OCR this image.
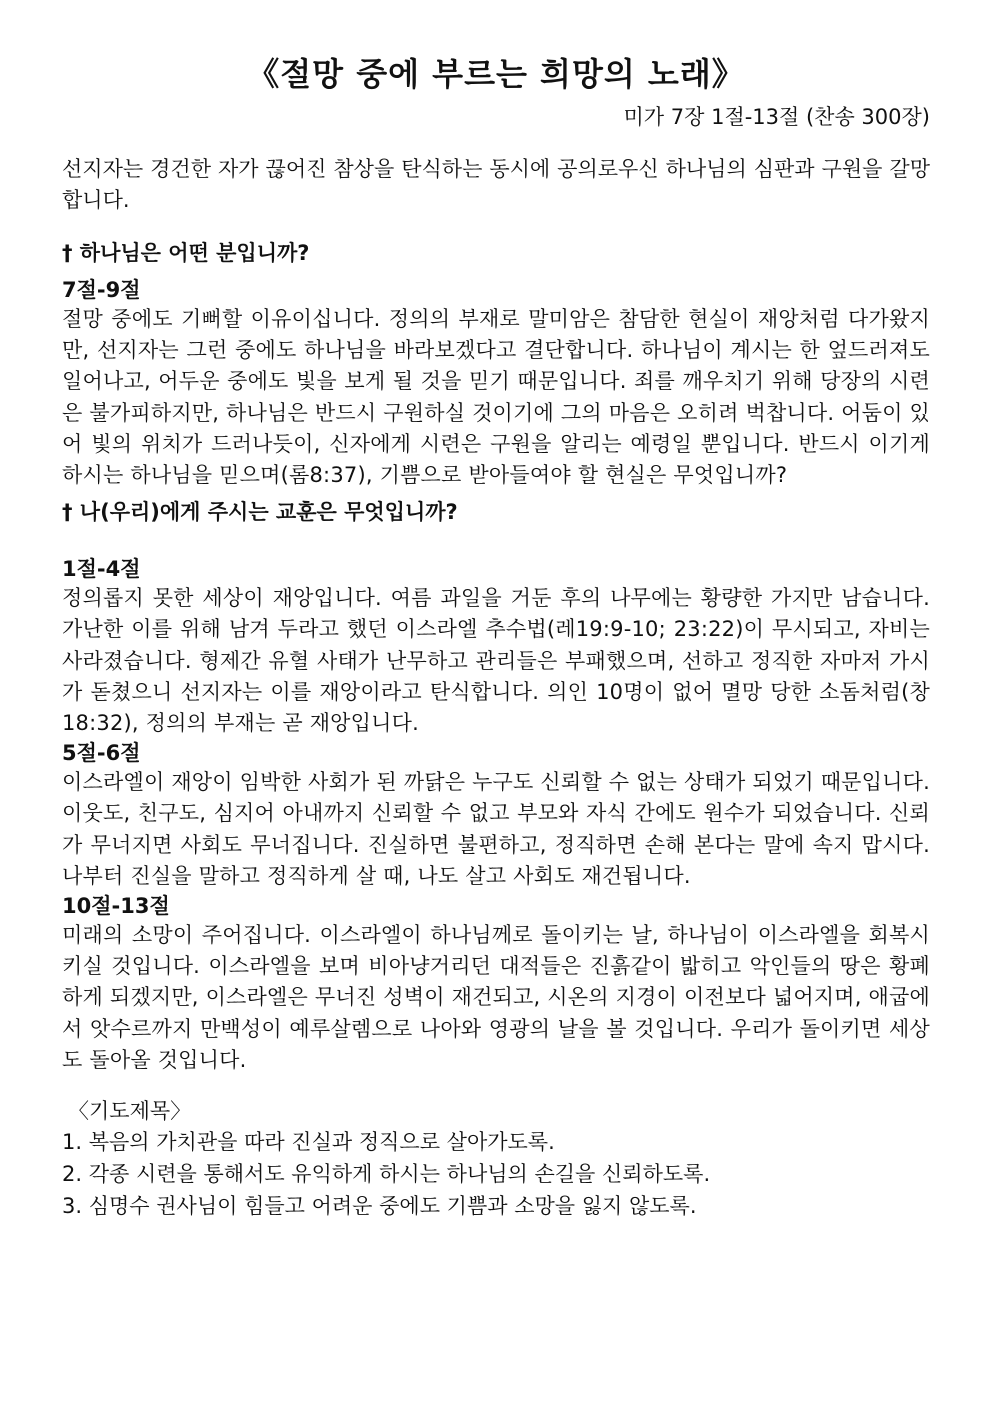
《절망 중에 부르는 희망의 노래》
미가 7장 1절-13절 (찬송 300장)

선지자는 경건한 자가 끊어진 참상을 탄식하는 동시에 공의로우신 하나님의 심판과 구원을 갈망합니다.

† 하나님은 어떤 분입니까?
7절-9절
절망 중에도 기뻐할 이유이십니다. 정의의 부재로 말미암은 참담한 현실이 재앙처럼 다가왔지만, 선지자는 그런 중에도 하나님을 바라보겠다고 결단합니다. 하나님이 계시는 한 엎드러져도 일어나고, 어두운 중에도 빛을 보게 될 것을 믿기 때문입니다. 죄를 깨우치기 위해 당장의 시련은 불가피하지만, 하나님은 반드시 구원하실 것이기에 그의 마음은 오히려 벅찹니다. 어둠이 있어 빛의 위치가 드러나듯이, 신자에게 시련은 구원을 알리는 예령일 뿐입니다. 반드시 이기게 하시는 하나님을 믿으며(롬8:37), 기쁨으로 받아들여야 할 현실은 무엇입니까?
† 나(우리)에게 주시는 교훈은 무엇입니까?
1절-4절
정의롭지 못한 세상이 재앙입니다. 여름 과일을 거둔 후의 나무에는 황량한 가지만 남습니다. 가난한 이를 위해 남겨 두라고 했던 이스라엘 추수법(레19:9-10; 23:22)이 무시되고, 자비는 사라졌습니다. 형제간 유혈 사태가 난무하고 관리들은 부패했으며, 선하고 정직한 자마저 가시가 돋쳤으니 선지자는 이를 재앙이라고 탄식합니다. 의인 10명이 없어 멸망 당한 소돔처럼(창18:32), 정의의 부재는 곧 재앙입니다.
5절-6절
이스라엘이 재앙이 임박한 사회가 된 까닭은 누구도 신뢰할 수 없는 상태가 되었기 때문입니다. 이웃도, 친구도, 심지어 아내까지 신뢰할 수 없고 부모와 자식 간에도 원수가 되었습니다. 신뢰가 무너지면 사회도 무너집니다. 진실하면 불편하고, 정직하면 손해 본다는 말에 속지 맙시다. 나부터 진실을 말하고 정직하게 살 때, 나도 살고 사회도 재건됩니다.
10절-13절
미래의 소망이 주어집니다. 이스라엘이 하나님께로 돌이키는 날, 하나님이 이스라엘을 회복시키실 것입니다. 이스라엘을 보며 비아냥거리던 대적들은 진흙같이 밟히고 악인들의 땅은 황폐하게 되겠지만, 이스라엘은 무너진 성벽이 재건되고, 시온의 지경이 이전보다 넓어지며, 애굽에서 앗수르까지 만백성이 예루살렘으로 나아와 영광의 날을 볼 것입니다. 우리가 돌이키면 세상도 돌아올 것입니다.
〈기도제목〉
1. 복음의 가치관을 따라 진실과 정직으로 살아가도록.
2. 각종 시련을 통해서도 유익하게 하시는 하나님의 손길을 신뢰하도록.
3. 심명수 권사님이 힘들고 어려운 중에도 기쁨과 소망을 잃지 않도록.
